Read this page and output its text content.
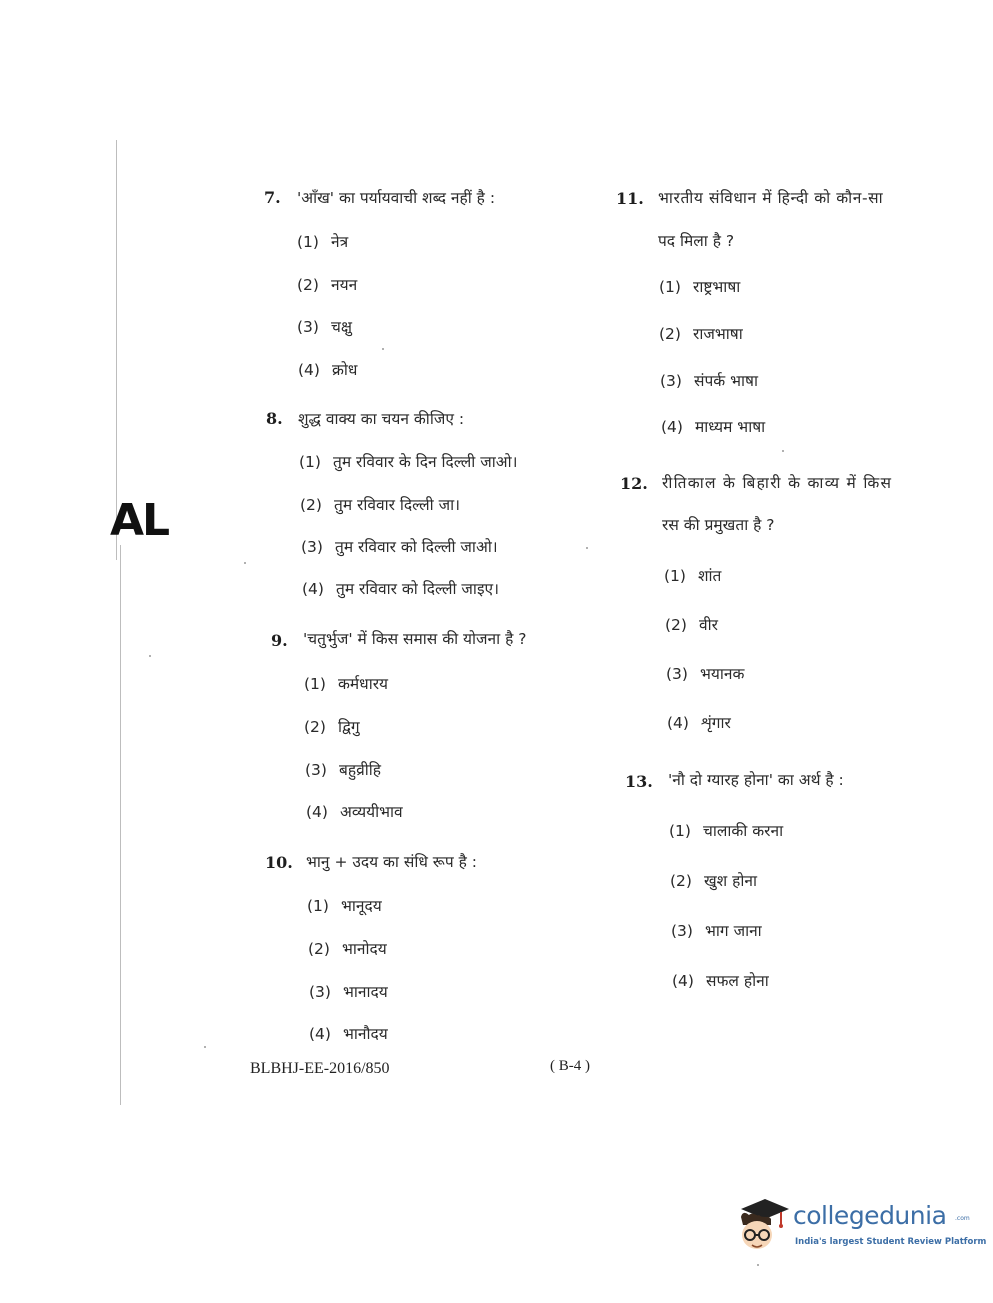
AL
7. 'आँख' का पर्यायवाची शब्द नहीं है :
(1) नेत्र
(2) नयन
(3) चक्षु
(4) क्रोध
8. शुद्ध वाक्य का चयन कीजिए :
(1) तुम रविवार के दिन दिल्ली जाओ।
(2) तुम रविवार दिल्ली जा।
(3) तुम रविवार को दिल्ली जाओ।
(4) तुम रविवार को दिल्ली जाइए।
9. 'चतुर्भुज' में किस समास की योजना है ?
(1) कर्मधारय
(2) द्विगु
(3) बहुव्रीहि
(4) अव्ययीभाव
10. भानु + उदय का संधि रूप है :
(1) भानूदय
(2) भानोदय
(3) भानादय
(4) भानौदय
11. भारतीय संविधान में हिन्दी को कौन-सा
पद मिला है ?
(1) राष्ट्रभाषा
(2) राजभाषा
(3) संपर्क भाषा
(4) माध्यम भाषा
12. रीतिकाल के बिहारी के काव्य में किस
रस की प्रमुखता है ?
(1) शांत
(2) वीर
(3) भयानक
(4) शृंगार
13. 'नौ दो ग्यारह होना' का अर्थ है :
(1) चालाकी करना
(2) खुश होना
(3) भाग जाना
(4) सफल होना
BLBHJ-EE-2016/850	( B-4 )
collegedunia .com
India's largest Student Review Platform
